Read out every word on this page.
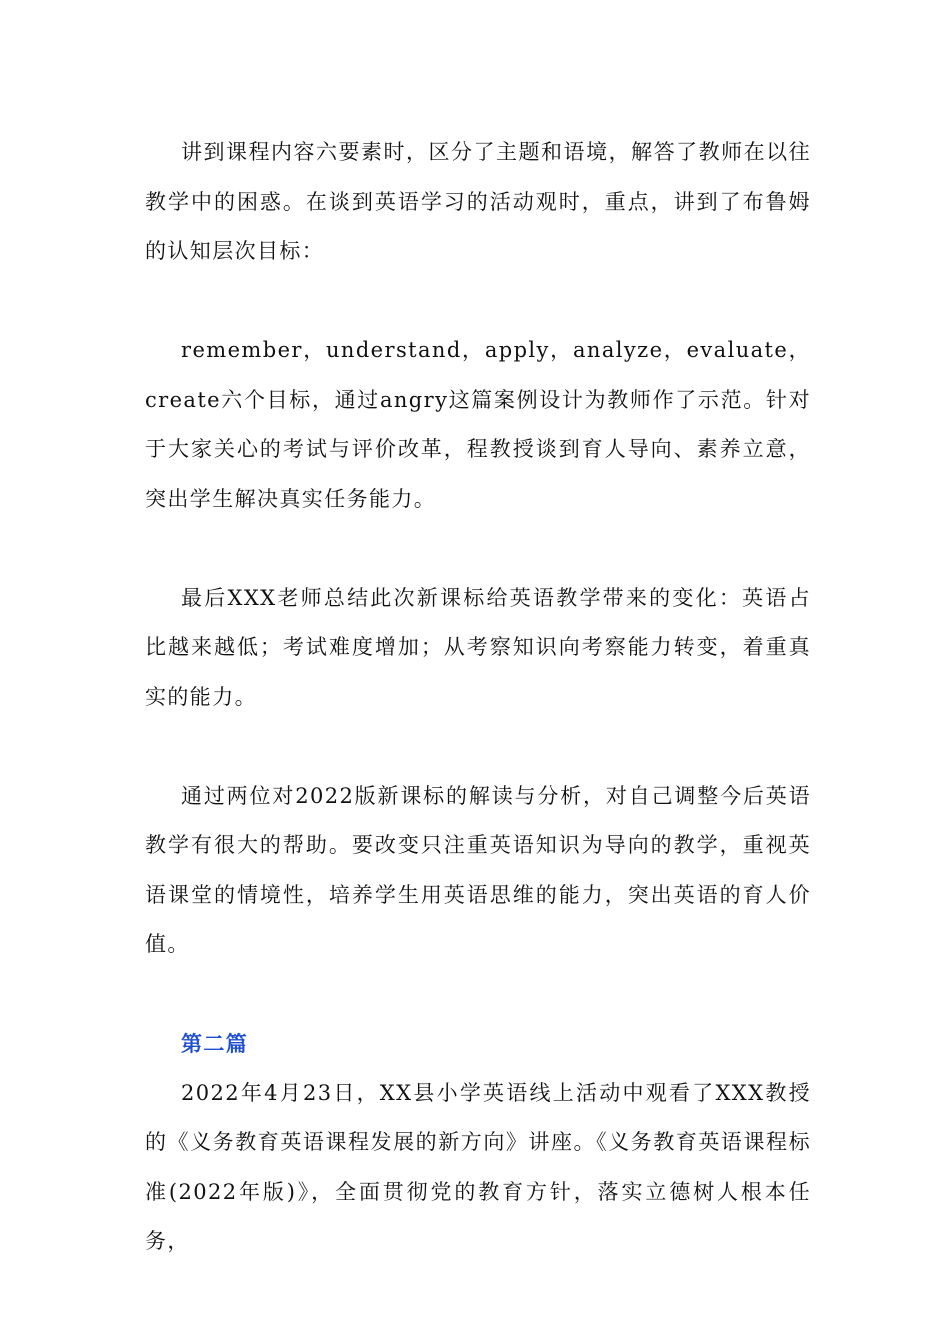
讲到课程内容六要素时，区分了主题和语境，解答了教师在以往教学中的困惑。在谈到英语学习的活动观时，重点，讲到了布鲁姆的认知层次目标：

remember，understand，apply，analyze，evaluate，create六个目标，通过angry这篇案例设计为教师作了示范。针对于大家关心的考试与评价改革，程教授谈到育人导向、素养立意，突出学生解决真实任务能力。

最后XXX老师总结此次新课标给英语教学带来的变化：英语占比越来越低；考试难度增加；从考察知识向考察能力转变，着重真实的能力。

通过两位对2022版新课标的解读与分析，对自己调整今后英语教学有很大的帮助。要改变只注重英语知识为导向的教学，重视英语课堂的情境性，培养学生用英语思维的能力，突出英语的育人价值。

第二篇

2022年4月23日，XX县小学英语线上活动中观看了XXX教授的《义务教育英语课程发展的新方向》讲座。《义务教育英语课程标准(2022年版)》，全面贯彻党的教育方针，落实立德树人根本任务，
